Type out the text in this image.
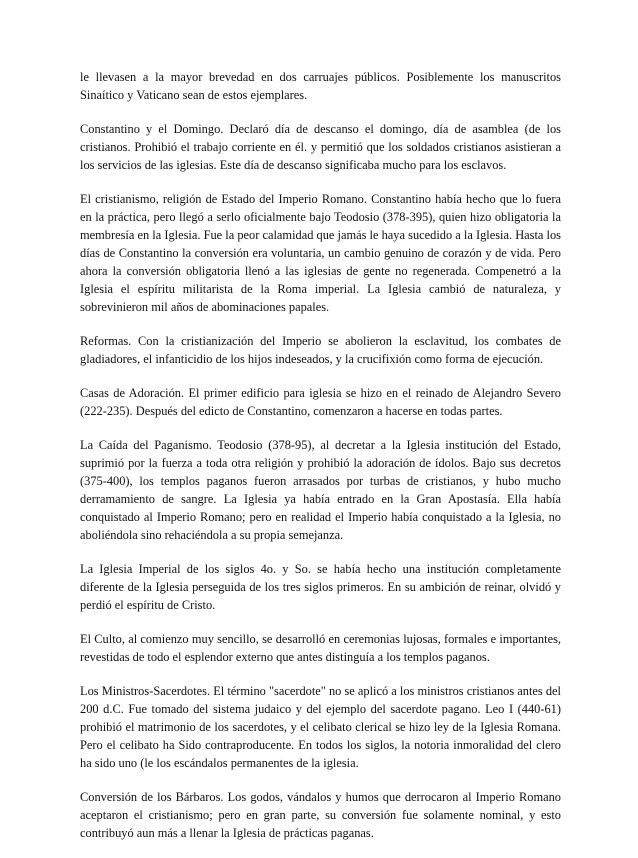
le llevasen a la mayor brevedad en dos carruajes públicos. Posiblemente los manuscritos Sinaítico y Vaticano sean de estos ejemplares.

Constantino y el Domingo. Declaró día de descanso el domingo, día de asamblea (de los cristianos. Prohibió el trabajo corriente en él. y permitió que los soldados cristianos asistieran a los servicios de las iglesias. Este día de descanso significaba mucho para los esclavos.

El cristianismo, religión de Estado del Imperio Romano. Constantino había hecho que lo fuera en la práctica, pero llegó a serlo oficialmente bajo Teodosio (378-395), quien hizo obligatoria la membresía en la Iglesia. Fue la peor calamidad que jamás le haya sucedido a la Iglesia. Hasta los días de Constantino la conversión era voluntaria, un cambio genuino de corazón y de vida. Pero ahora la conversión obligatoria llenó a las iglesias de gente no regenerada. Compenetró a la Iglesia el espíritu militarista de la Roma imperial. La Iglesia cambió de naturaleza, y sobrevinieron mil años de abominaciones papales.

Reformas. Con la cristianización del Imperio se abolieron la esclavitud, los combates de gladiadores, el infanticidio de los hijos indeseados, y la crucifixión como forma de ejecución.

Casas de Adoración. El primer edificio para iglesia se hizo en el reinado de Alejandro Severo (222-235). Después del edicto de Constantino, comenzaron a hacerse en todas partes.

La Caída del Paganismo. Teodosio (378-95), al decretar a la Iglesia institución del Estado, suprimió por la fuerza a toda otra religión y prohibió la adoración de ídolos. Bajo sus decretos (375-400), los templos paganos fueron arrasados por turbas de cristianos, y hubo mucho derramamiento de sangre. La Iglesia ya había entrado en la Gran Apostasía. Ella había conquistado al Imperio Romano; pero en realidad el Imperio había conquistado a la Iglesia, no aboliéndola sino rehaciéndola a su propia semejanza.

La Iglesia Imperial de los siglos 4o. y So. se había hecho una institución completamente diferente de la Iglesia perseguida de los tres siglos primeros. En su ambición de reinar, olvidó y perdió el espíritu de Cristo.

El Culto, al comienzo muy sencillo, se desarrolló en ceremonias lujosas, formales e importantes, revestidas de todo el esplendor externo que antes distinguía a los templos paganos.

Los Ministros-Sacerdotes. El término "sacerdote" no se aplicó a los ministros cristianos antes del 200 d.C. Fue tomado del sistema judaico y del ejemplo del sacerdote pagano. Leo I (440-61) prohibió el matrimonio de los sacerdotes, y el celibato clerical se hizo ley de la Iglesia Romana. Pero el celibato ha Sido contraproducente. En todos los siglos, la notoria inmoralidad del clero ha sido uno (le los escándalos permanentes de la iglesia.

Conversión de los Bárbaros. Los godos, vándalos y humos que derrocaron al Imperio Romano aceptaron el cristianismo; pero en gran parte, su conversión fue solamente nominal, y esto contribuyó aun más a llenar la Iglesia de prácticas paganas.
